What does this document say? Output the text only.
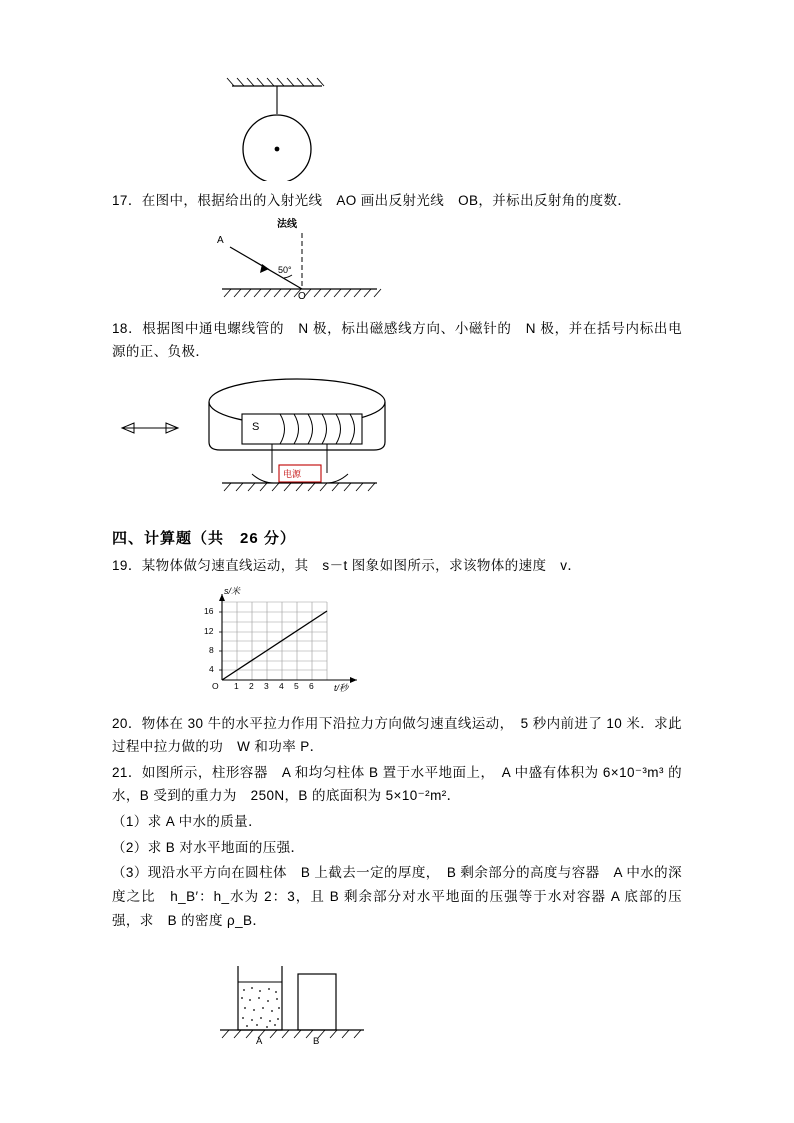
17．在图中，根据给出的入射光线　AO 画出反射光线　OB，并标出反射角的度数．

法线
A
50°
O

18．根据图中通电螺线管的　N 极，标出磁感线方向、小磁针的　N 极，并在括号内标出电源的正、负极．

S
电源
四、计算题（共　26 分）

19．某物体做匀速直线运动，其　s－t 图象如图所示，求该物体的速度　v．

s/米
16
12
8
4
O 1 2 3 4 5 6 t/秒

20．物体在 30 牛的水平拉力作用下沿拉力方向做匀速直线运动，　5 秒内前进了 10 米．求此过程中拉力做的功　W 和功率 P．

21．如图所示，柱形容器　A 和均匀柱体 B 置于水平地面上，　A 中盛有体积为 6×10⁻³m³ 的水，B 受到的重力为　250N，B 的底面积为 5×10⁻²m²．

（1）求 A 中水的质量．

（2）求 B 对水平地面的压强．

（3）现沿水平方向在圆柱体　B 上截去一定的厚度，　B 剩余部分的高度与容器　A 中水的深度之比　h_B′：h_水为 2：3，且 B 剩余部分对水平地面的压强等于水对容器 A 底部的压强，求　B 的密度 ρ_B．

A	B
